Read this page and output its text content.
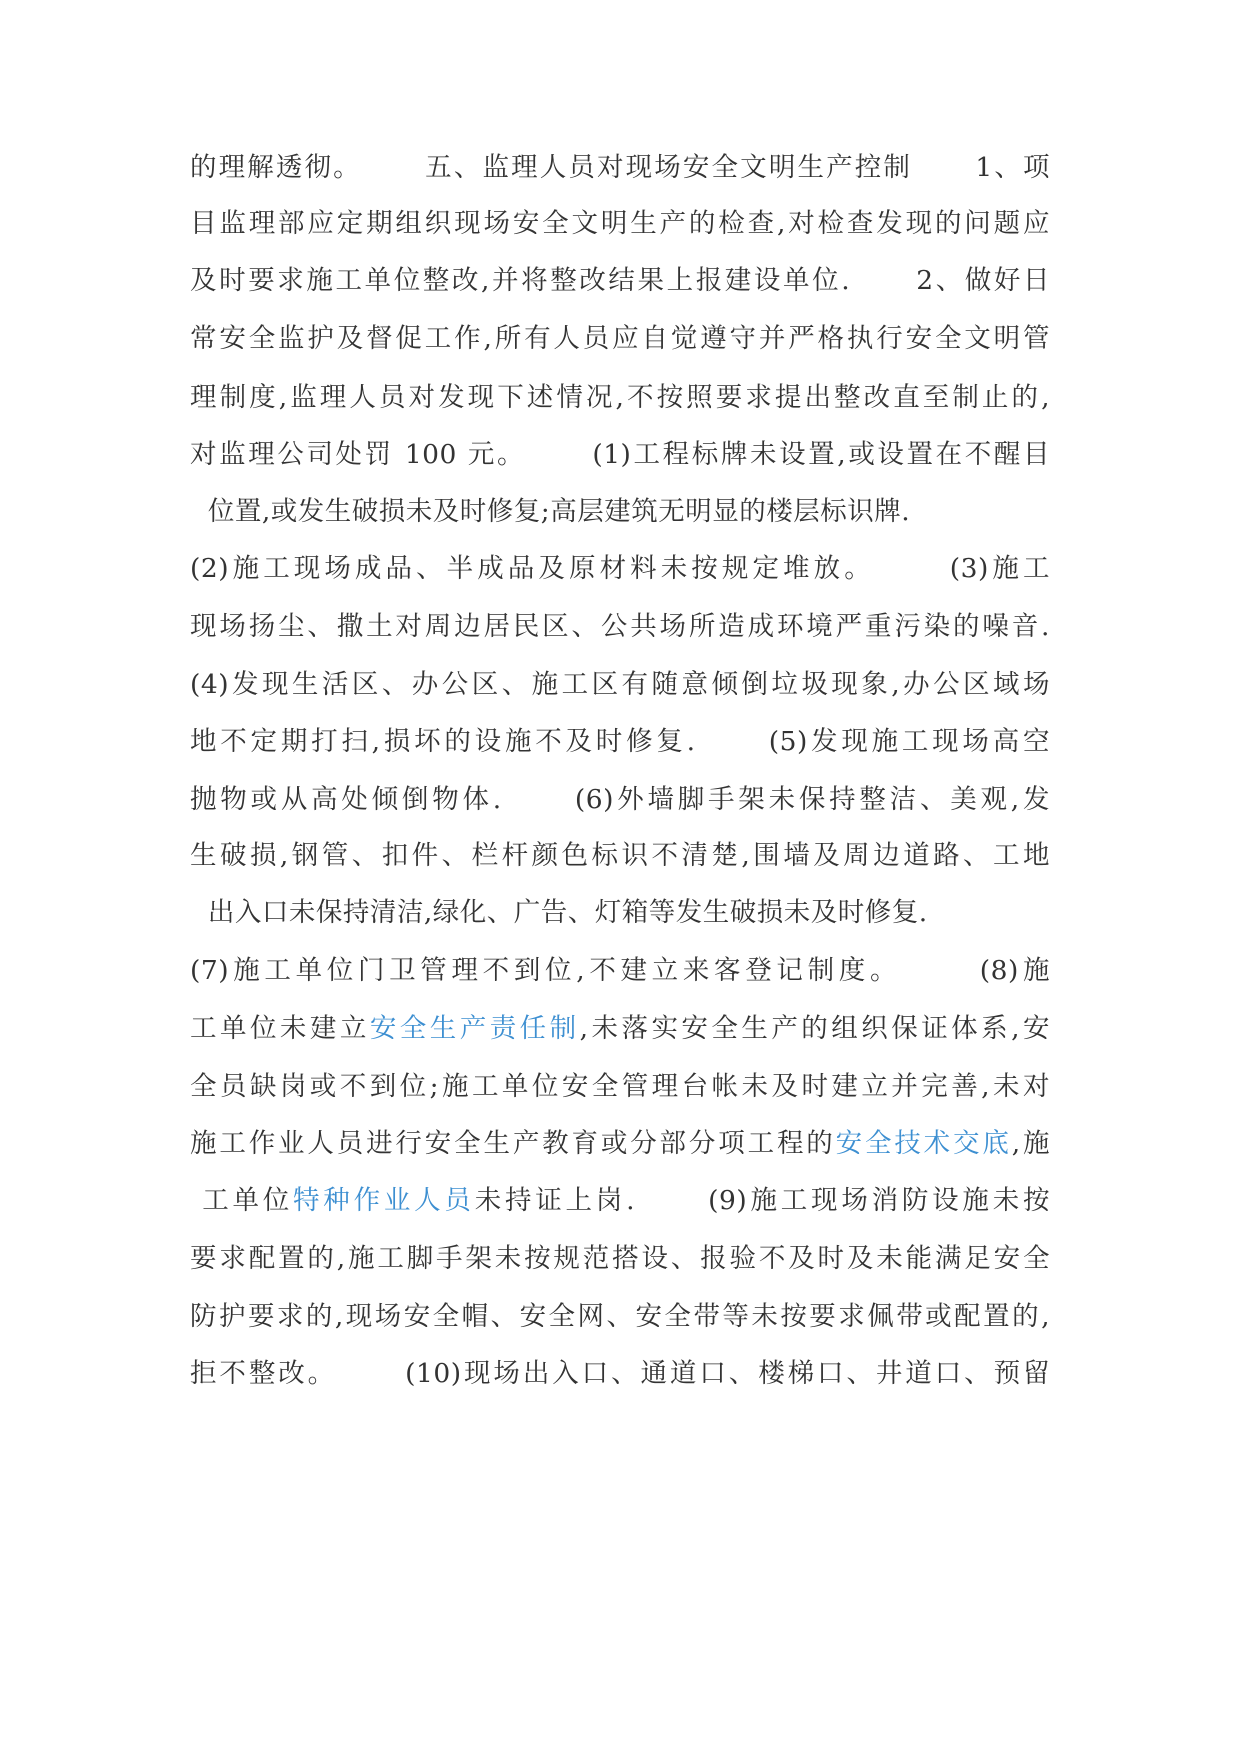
的理解透彻。      五、监理人员对现场安全文明生产控制      1、项
目监理部应定期组织现场安全文明生产的检查,对检查发现的问题应
及时要求施工单位整改,并将整改结果上报建设单位.      2、做好日
常安全监护及督促工作,所有人员应自觉遵守并严格执行安全文明管
理制度,监理人员对发现下述情况,不按照要求提出整改直至制止的,
对监理公司处罚 100 元。      (1)工程标牌未设置,或设置在不醒目
位置,或发生破损未及时修复;高层建筑无明显的楼层标识牌.
(2)施工现场成品、半成品及原材料未按规定堆放。      (3)施工
现场扬尘、撒土对周边居民区、公共场所造成环境严重污染的噪音.
(4)发现生活区、办公区、施工区有随意倾倒垃圾现象,办公区域场
地不定期打扫,损坏的设施不及时修复.      (5)发现施工现场高空
抛物或从高处倾倒物体.      (6)外墙脚手架未保持整洁、美观,发
生破损,钢管、扣件、栏杆颜色标识不清楚,围墙及周边道路、工地
出入口未保持清洁,绿化、广告、灯箱等发生破损未及时修复.
(7)施工单位门卫管理不到位,不建立来客登记制度。      (8)施
工单位未建立安全生产责任制,未落实安全生产的组织保证体系,安
全员缺岗或不到位;施工单位安全管理台帐未及时建立并完善,未对
施工作业人员进行安全生产教育或分部分项工程的安全技术交底,施
工单位特种作业人员未持证上岗.      (9)施工现场消防设施未按
要求配置的,施工脚手架未按规范搭设、报验不及时及未能满足安全
防护要求的,现场安全帽、安全网、安全带等未按要求佩带或配置的,
拒不整改。      (10)现场出入口、通道口、楼梯口、井道口、预留
